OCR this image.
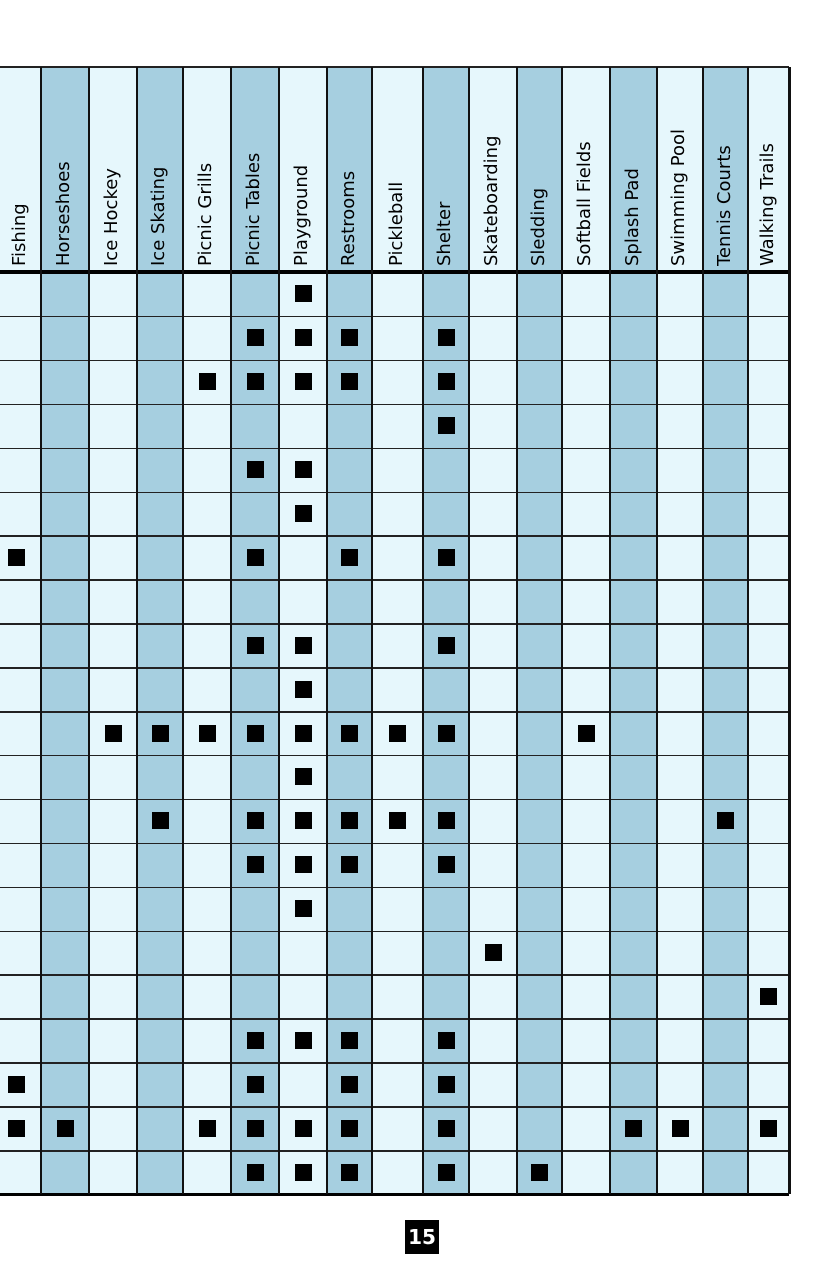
Fishing Horseshoes Ice Hockey Ice Skating Picnic Grills Picnic Tables Playground Restrooms Pickleball Shelter Skateboarding Sledding Softball Fields Splash Pad Swimming Pool Tennis Courts Walking Trails
15
